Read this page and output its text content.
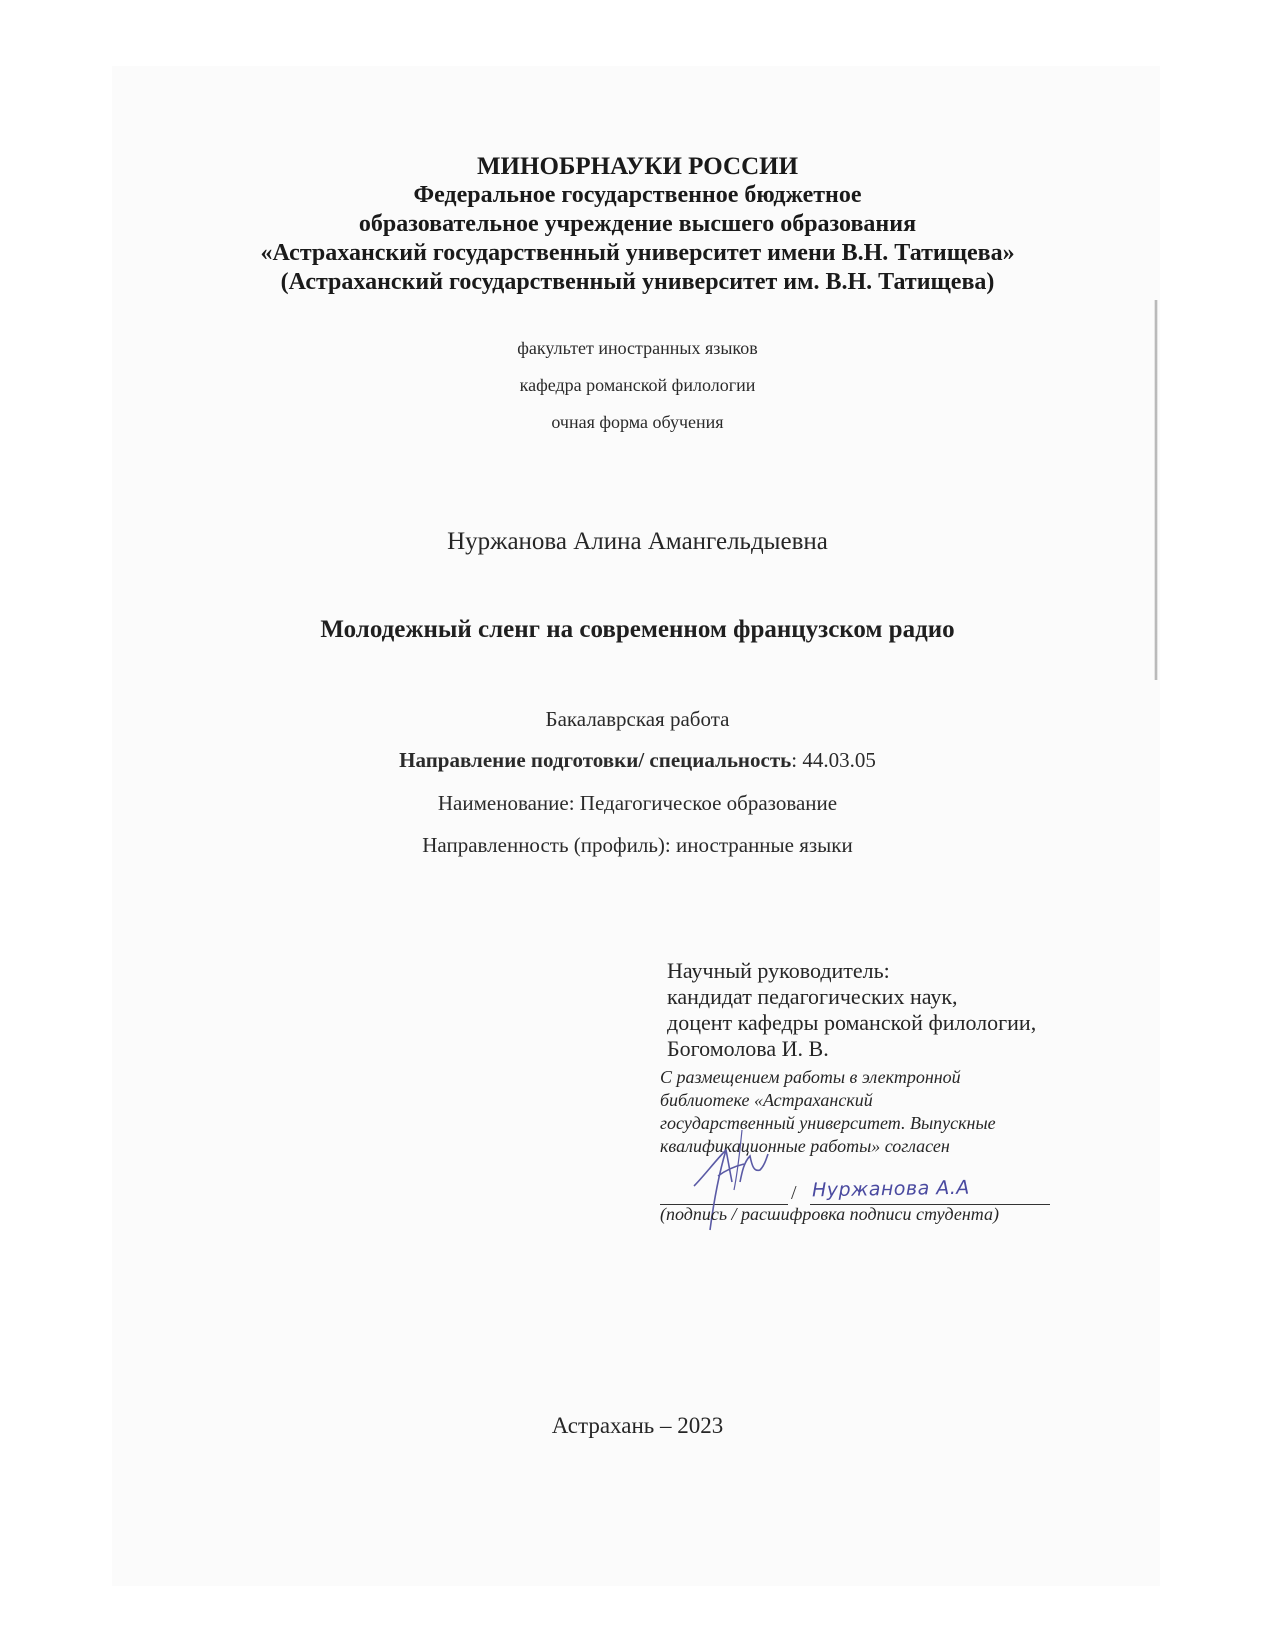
МИНОБРНАУКИ РОССИИ
Федеральное государственное бюджетное
образовательное учреждение высшего образования
«Астраханский государственный университет имени В.Н. Татищева»
(Астраханский государственный университет им. В.Н. Татищева)
факультет иностранных языков
кафедра романской филологии
очная форма обучения
Нуржанова Алина Амангельдыевна
Молодежный сленг на современном французском радио
Бакалаврская работа
Направление подготовки/ специальность: 44.03.05
Наименование: Педагогическое образование
Направленность (профиль): иностранные языки
Научный руководитель:
кандидат педагогических наук,
доцент кафедры романской филологии,
Богомолова И. В.
С размещением работы в электронной
библиотеке «Астраханский
государственный университет. Выпускные
квалификационные работы» согласен
/ Нуржанова А.А
(подпись / расшифровка подписи студента)
Астрахань – 2023
